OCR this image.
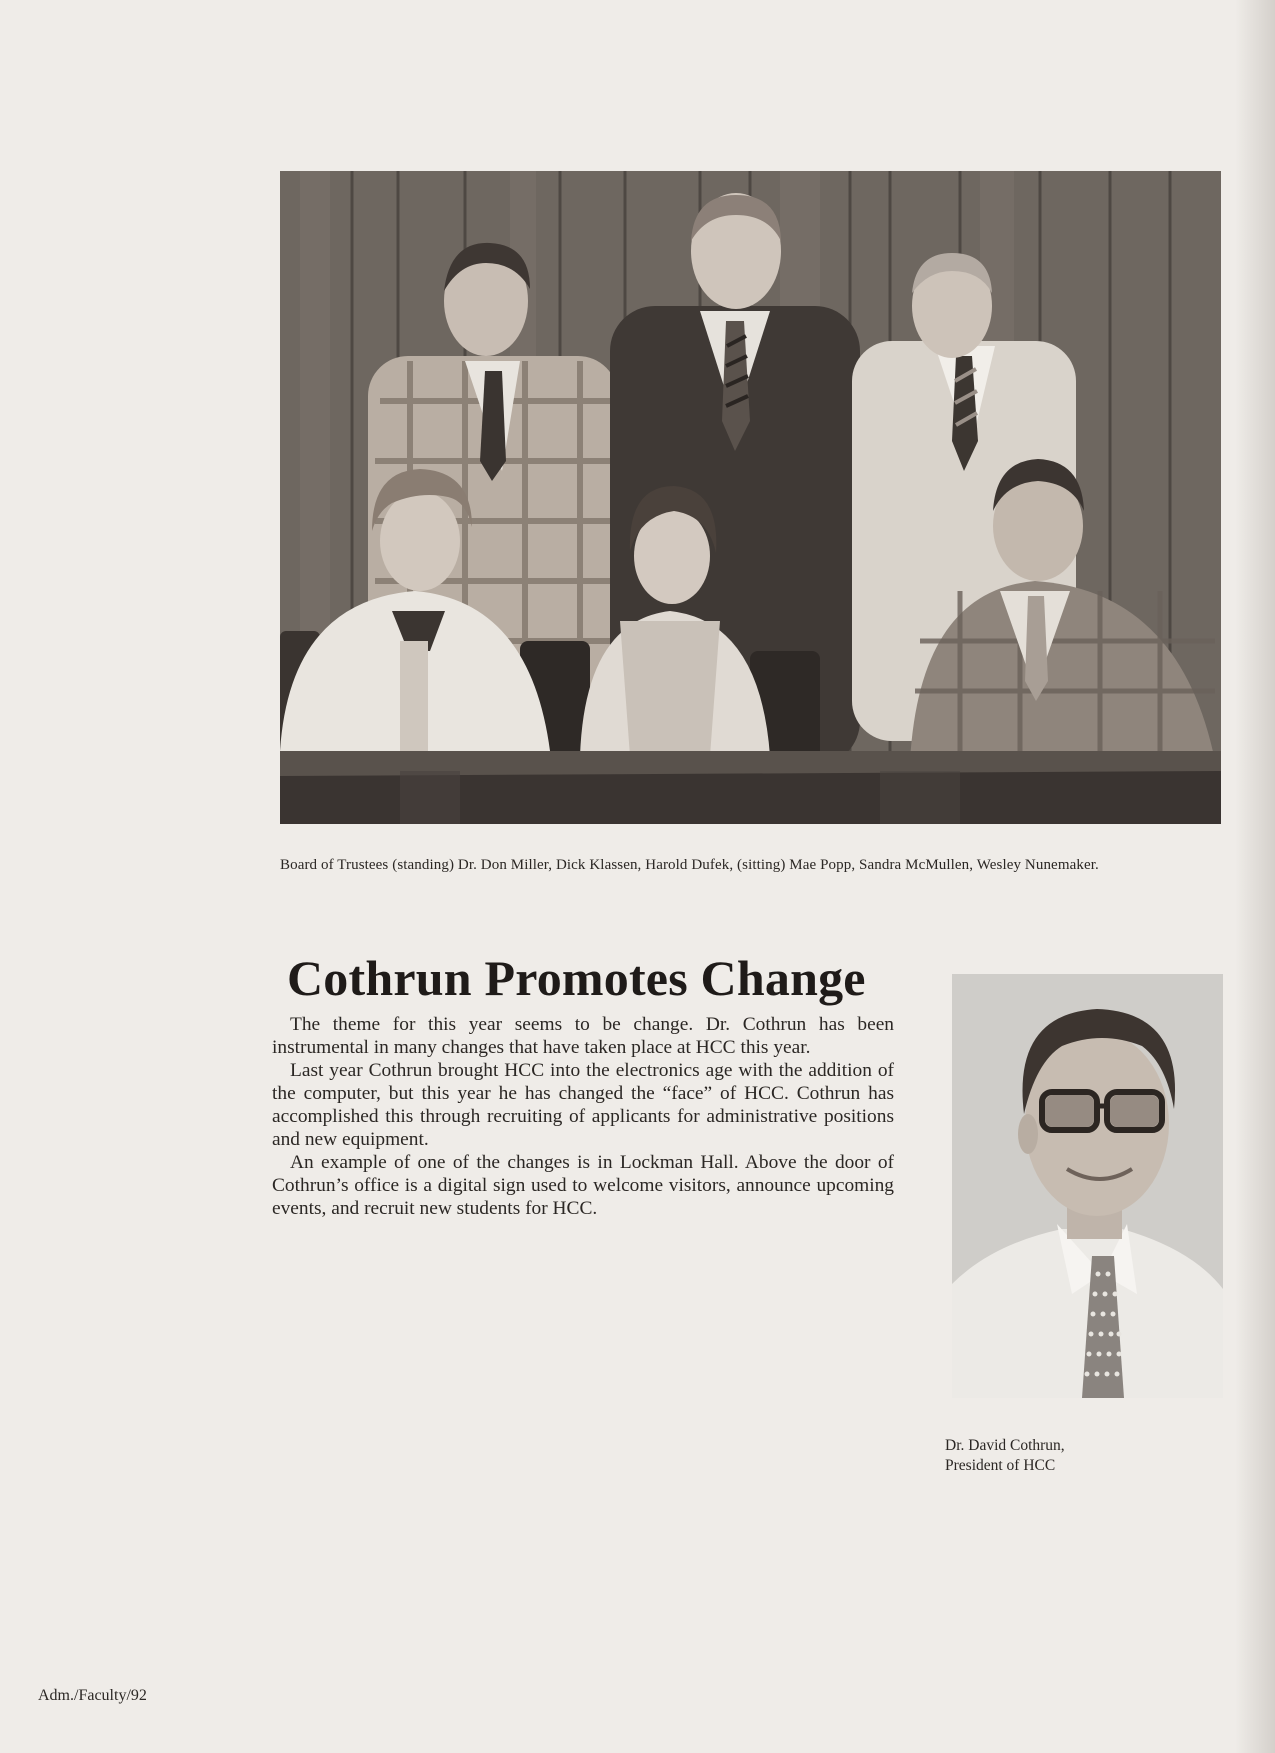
Board of Trustees (standing) Dr. Don Miller, Dick Klassen, Harold Dufek, (sitting) Mae Popp, Sandra McMullen, Wesley Nunemaker.
Cothrun Promotes Change

The theme for this year seems to be change. Dr. Cothrun has been instrumental in many changes that have taken place at HCC this year.

Last year Cothrun brought HCC into the electronics age with the addition of the computer, but this year he has changed the “face” of HCC. Cothrun has accomplished this through recruiting of applicants for administrative positions and new equipment.

An example of one of the changes is in Lockman Hall. Above the door of Cothrun’s office is a digital sign used to welcome visitors, announce upcoming events, and recruit new students for HCC.

Dr. David Cothrun,
President of HCC
Adm./Faculty/92
